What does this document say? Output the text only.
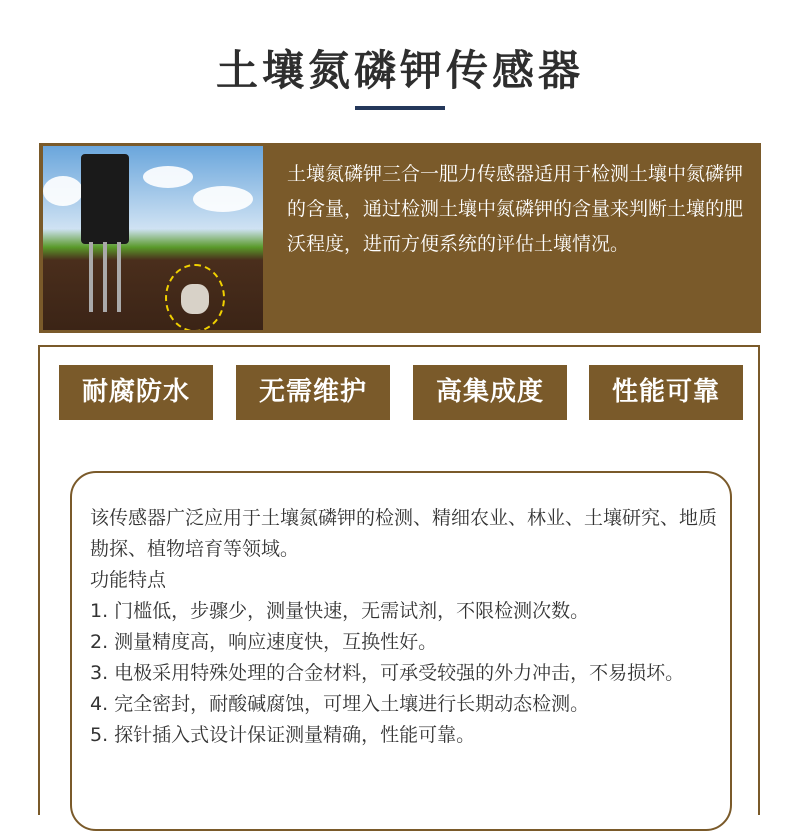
土壤氮磷钾传感器
土壤氮磷钾三合一肥力传感器适用于检测土壤中氮磷钾的含量，通过检测土壤中氮磷钾的含量来判断土壤的肥沃程度，进而方便系统的评估土壤情况。
耐腐防水	无需维护	高集成度	性能可靠
该传感器广泛应用于土壤氮磷钾的检测、精细农业、林业、土壤研究、地质勘探、植物培育等领域。
功能特点
1. 门槛低，步骤少，测量快速，无需试剂，不限检测次数。
2. 测量精度高，响应速度快，互换性好。
3. 电极采用特殊处理的合金材料，可承受较强的外力冲击，不易损坏。
4. 完全密封，耐酸碱腐蚀，可埋入土壤进行长期动态检测。
5. 探针插入式设计保证测量精确，性能可靠。
